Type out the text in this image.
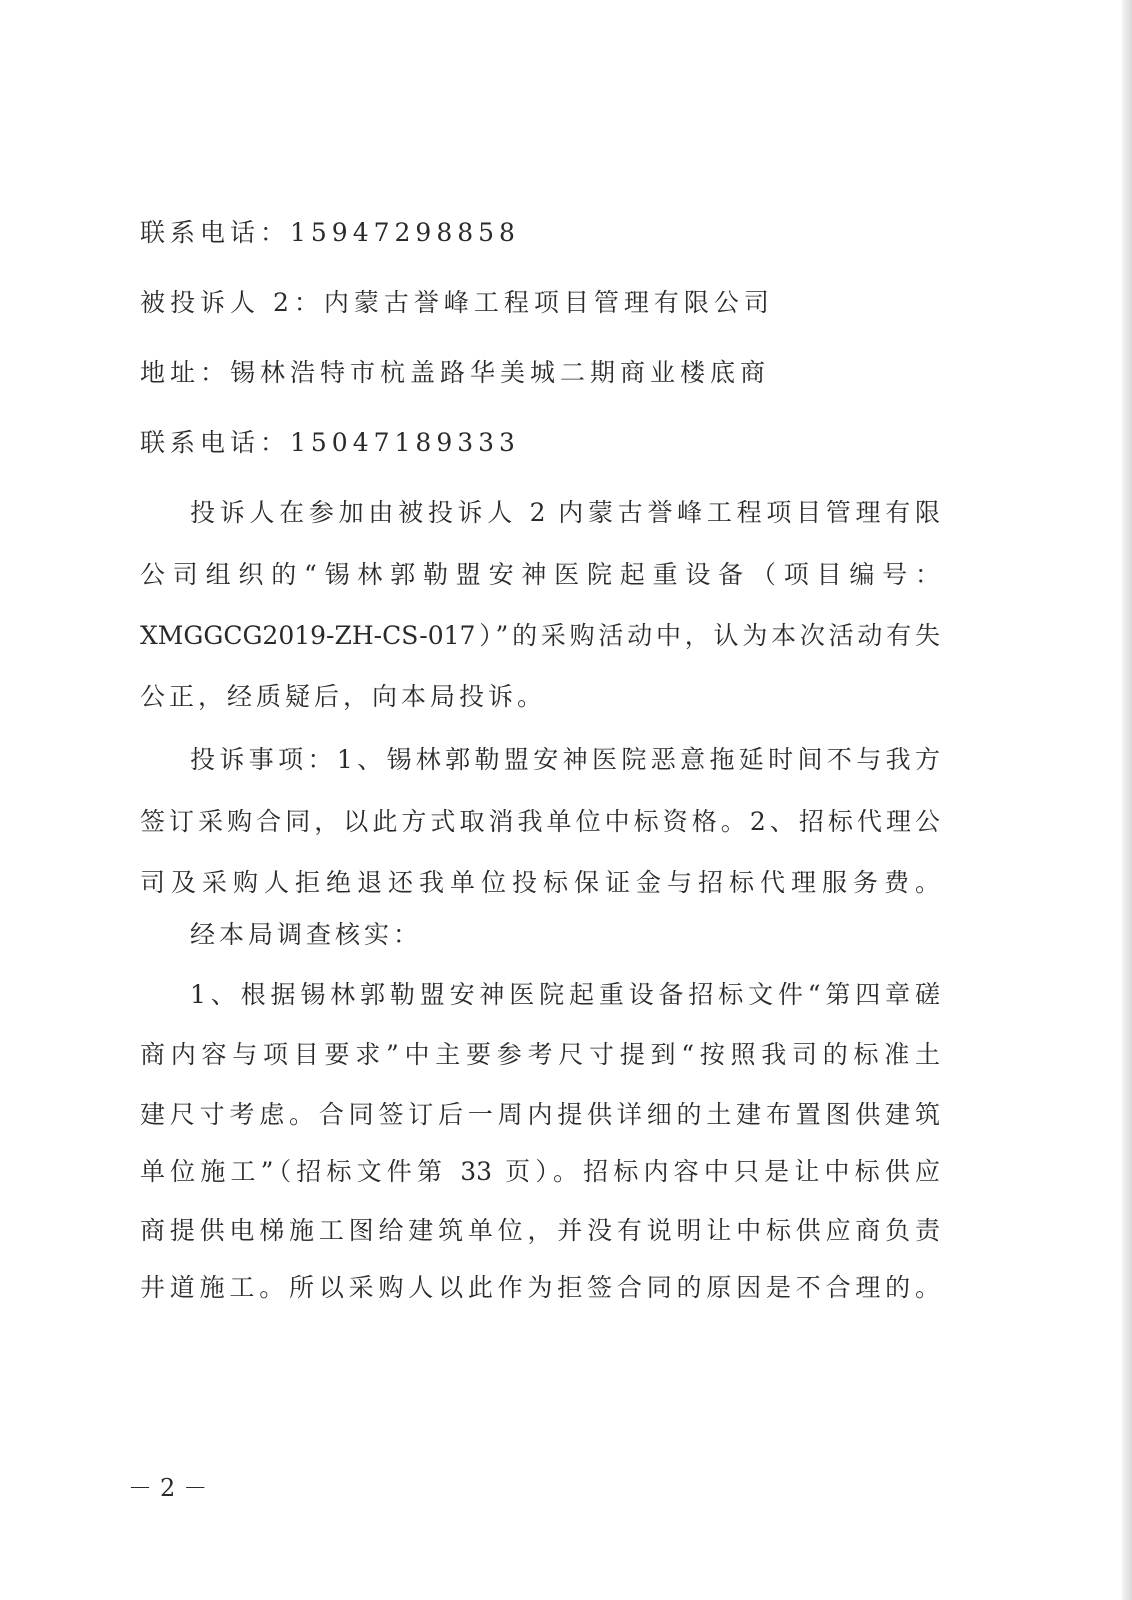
联系电话：15947298858
被投诉人 2：内蒙古誉峰工程项目管理有限公司
地址：锡林浩特市杭盖路华美城二期商业楼底商
联系电话：15047189333
投诉人在参加由被投诉人 2 内蒙古誉峰工程项目管理有限
公司组织的“锡林郭勒盟安神医院起重设备（项目编号：
XMGGCG2019-ZH-CS-017）”的采购活动中，认为本次活动有失
公正，经质疑后，向本局投诉。
投诉事项：1、锡林郭勒盟安神医院恶意拖延时间不与我方
签订采购合同，以此方式取消我单位中标资格。2、招标代理公
司及采购人拒绝退还我单位投标保证金与招标代理服务费。
经本局调查核实：
1、根据锡林郭勒盟安神医院起重设备招标文件“第四章磋
商内容与项目要求”中主要参考尺寸提到“按照我司的标准土
建尺寸考虑。合同签订后一周内提供详细的土建布置图供建筑
单位施工”（招标文件第 33 页）。招标内容中只是让中标供应
商提供电梯施工图给建筑单位，并没有说明让中标供应商负责
井道施工。所以采购人以此作为拒签合同的原因是不合理的。
－2－
